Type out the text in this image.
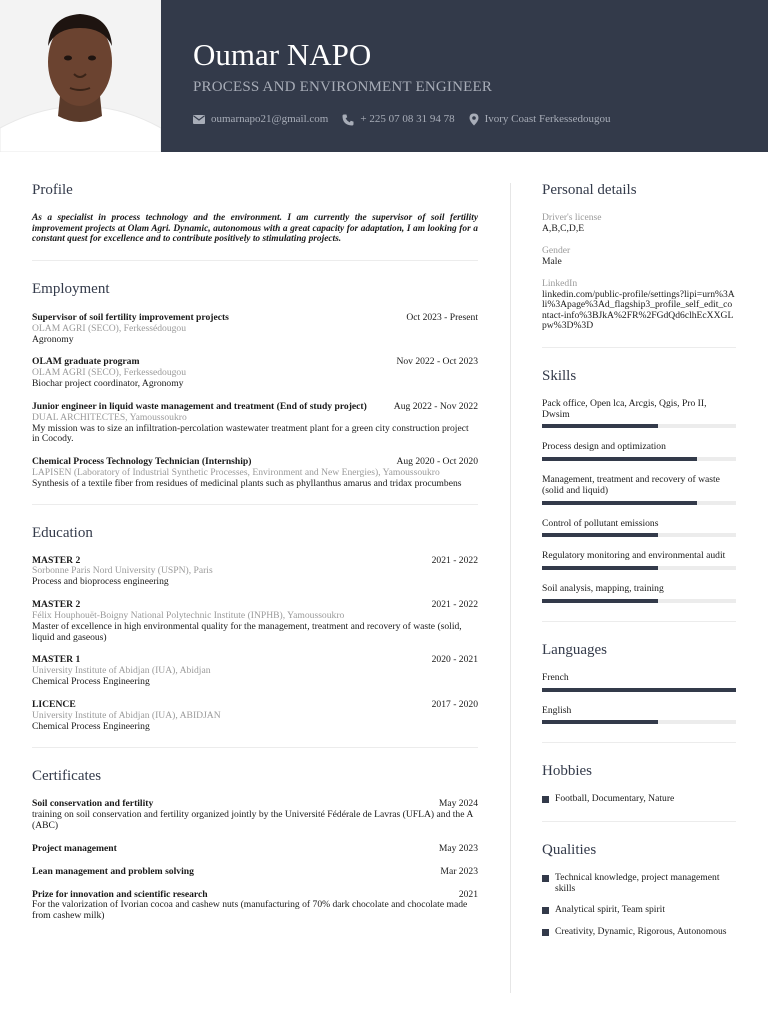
Oumar NAPO
PROCESS AND ENVIRONMENT ENGINEER
oumarnapo21@gmail.com	+ 225 07 08 31 94 78	Ivory Coast Ferkessedougou
Profile
As a specialist in process technology and the environment. I am currently the supervisor of soil fertility improvement projects at Olam Agri. Dynamic, autonomous with a great capacity for adaptation, I am looking for a constant quest for excellence and to contribute positively to stimulating projects.
Employment
Supervisor of soil fertility improvement projects	Oct 2023 - Present
OLAM AGRI (SECO), Ferkessédougou
Agronomy
OLAM graduate program	Nov 2022 - Oct 2023
OLAM AGRI (SECO), Ferkessedougou
Biochar project coordinator, Agronomy
Junior engineer in liquid waste management and treatment (End of study project)	Aug 2022 - Nov 2022
DUAL ARCHITECTES, Yamoussoukro
My mission was to size an infiltration-percolation wastewater treatment plant for a green city construction project in Cocody.
Chemical Process Technology Technician (Internship)	Aug 2020 - Oct 2020
LAPISEN (Laboratory of Industrial Synthetic Processes, Environment and New Energies), Yamoussoukro
Synthesis of a textile fiber from residues of medicinal plants such as phyllanthus amarus and tridax procumbens
Education
MASTER 2	2021 - 2022
Sorbonne Paris Nord University (USPN), Paris
Process and bioprocess engineering
MASTER 2	2021 - 2022
Félix Houphouët-Boigny National Polytechnic Institute (INPHB), Yamoussoukro
Master of excellence in high environmental quality for the management, treatment and recovery of waste (solid, liquid and gaseous)
MASTER 1	2020 - 2021
University Institute of Abidjan (IUA), Abidjan
Chemical Process Engineering
LICENCE	2017 - 2020
University Institute of Abidjan (IUA), ABIDJAN
Chemical Process Engineering
Certificates
Soil conservation and fertility	May 2024
training on soil conservation and fertility organized jointly by the Université Fédérale de Lavras (UFLA) and the A (ABC)
Project management	May 2023
Lean management and problem solving	Mar 2023
Prize for innovation and scientific research	2021
For the valorization of Ivorian cocoa and cashew nuts (manufacturing of 70% dark chocolate and chocolate made from cashew milk)
Personal details
Driver's license
A,B,C,D,E
Gender
Male
LinkedIn
linkedin.com/public-profile/settings?lipi=urn%3Ali%3Apage%3Ad_flagship3_profile_self_edit_contact-info%3BJkA%2FR%2FGdQd6clhEcXXGLpw%3D%3D
Skills
Pack office, Open lca, Arcgis, Qgis, Pro II, Dwsim
Process design and optimization
Management, treatment and recovery of waste (solid and liquid)
Control of pollutant emissions
Regulatory monitoring and environmental audit
Soil analysis, mapping, training
Languages
French
English
Hobbies
Football, Documentary, Nature
Qualities
Technical knowledge, project management skills
Analytical spirit, Team spirit
Creativity, Dynamic, Rigorous, Autonomous
